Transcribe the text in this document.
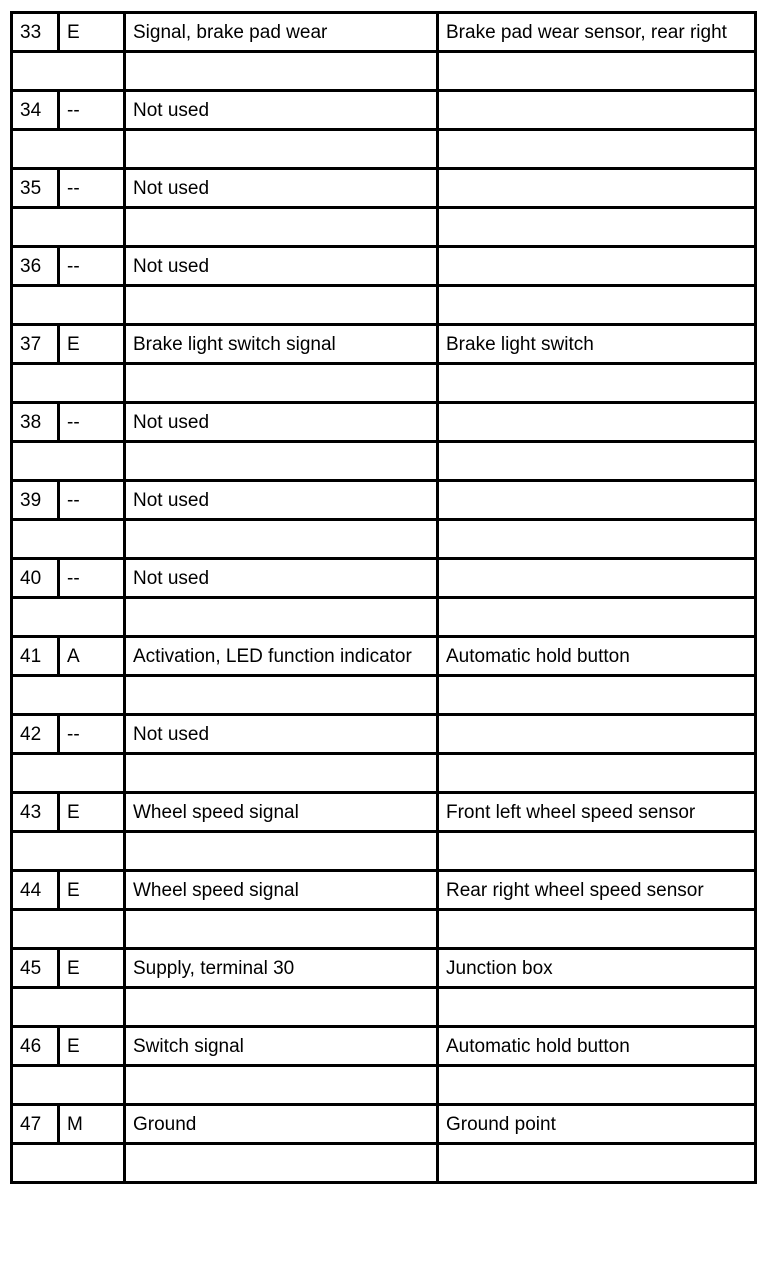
33	E	Signal, brake pad wear	Brake pad wear sensor, rear right

34	--	Not used	

35	--	Not used	

36	--	Not used	

37	E	Brake light switch signal	Brake light switch

38	--	Not used	

39	--	Not used	

40	--	Not used	

41	A	Activation, LED function indicator	Automatic hold button

42	--	Not used	

43	E	Wheel speed signal	Front left wheel speed sensor

44	E	Wheel speed signal	Rear right wheel speed sensor

45	E	Supply, terminal 30	Junction box

46	E	Switch signal	Automatic hold button

47	M	Ground	Ground point
